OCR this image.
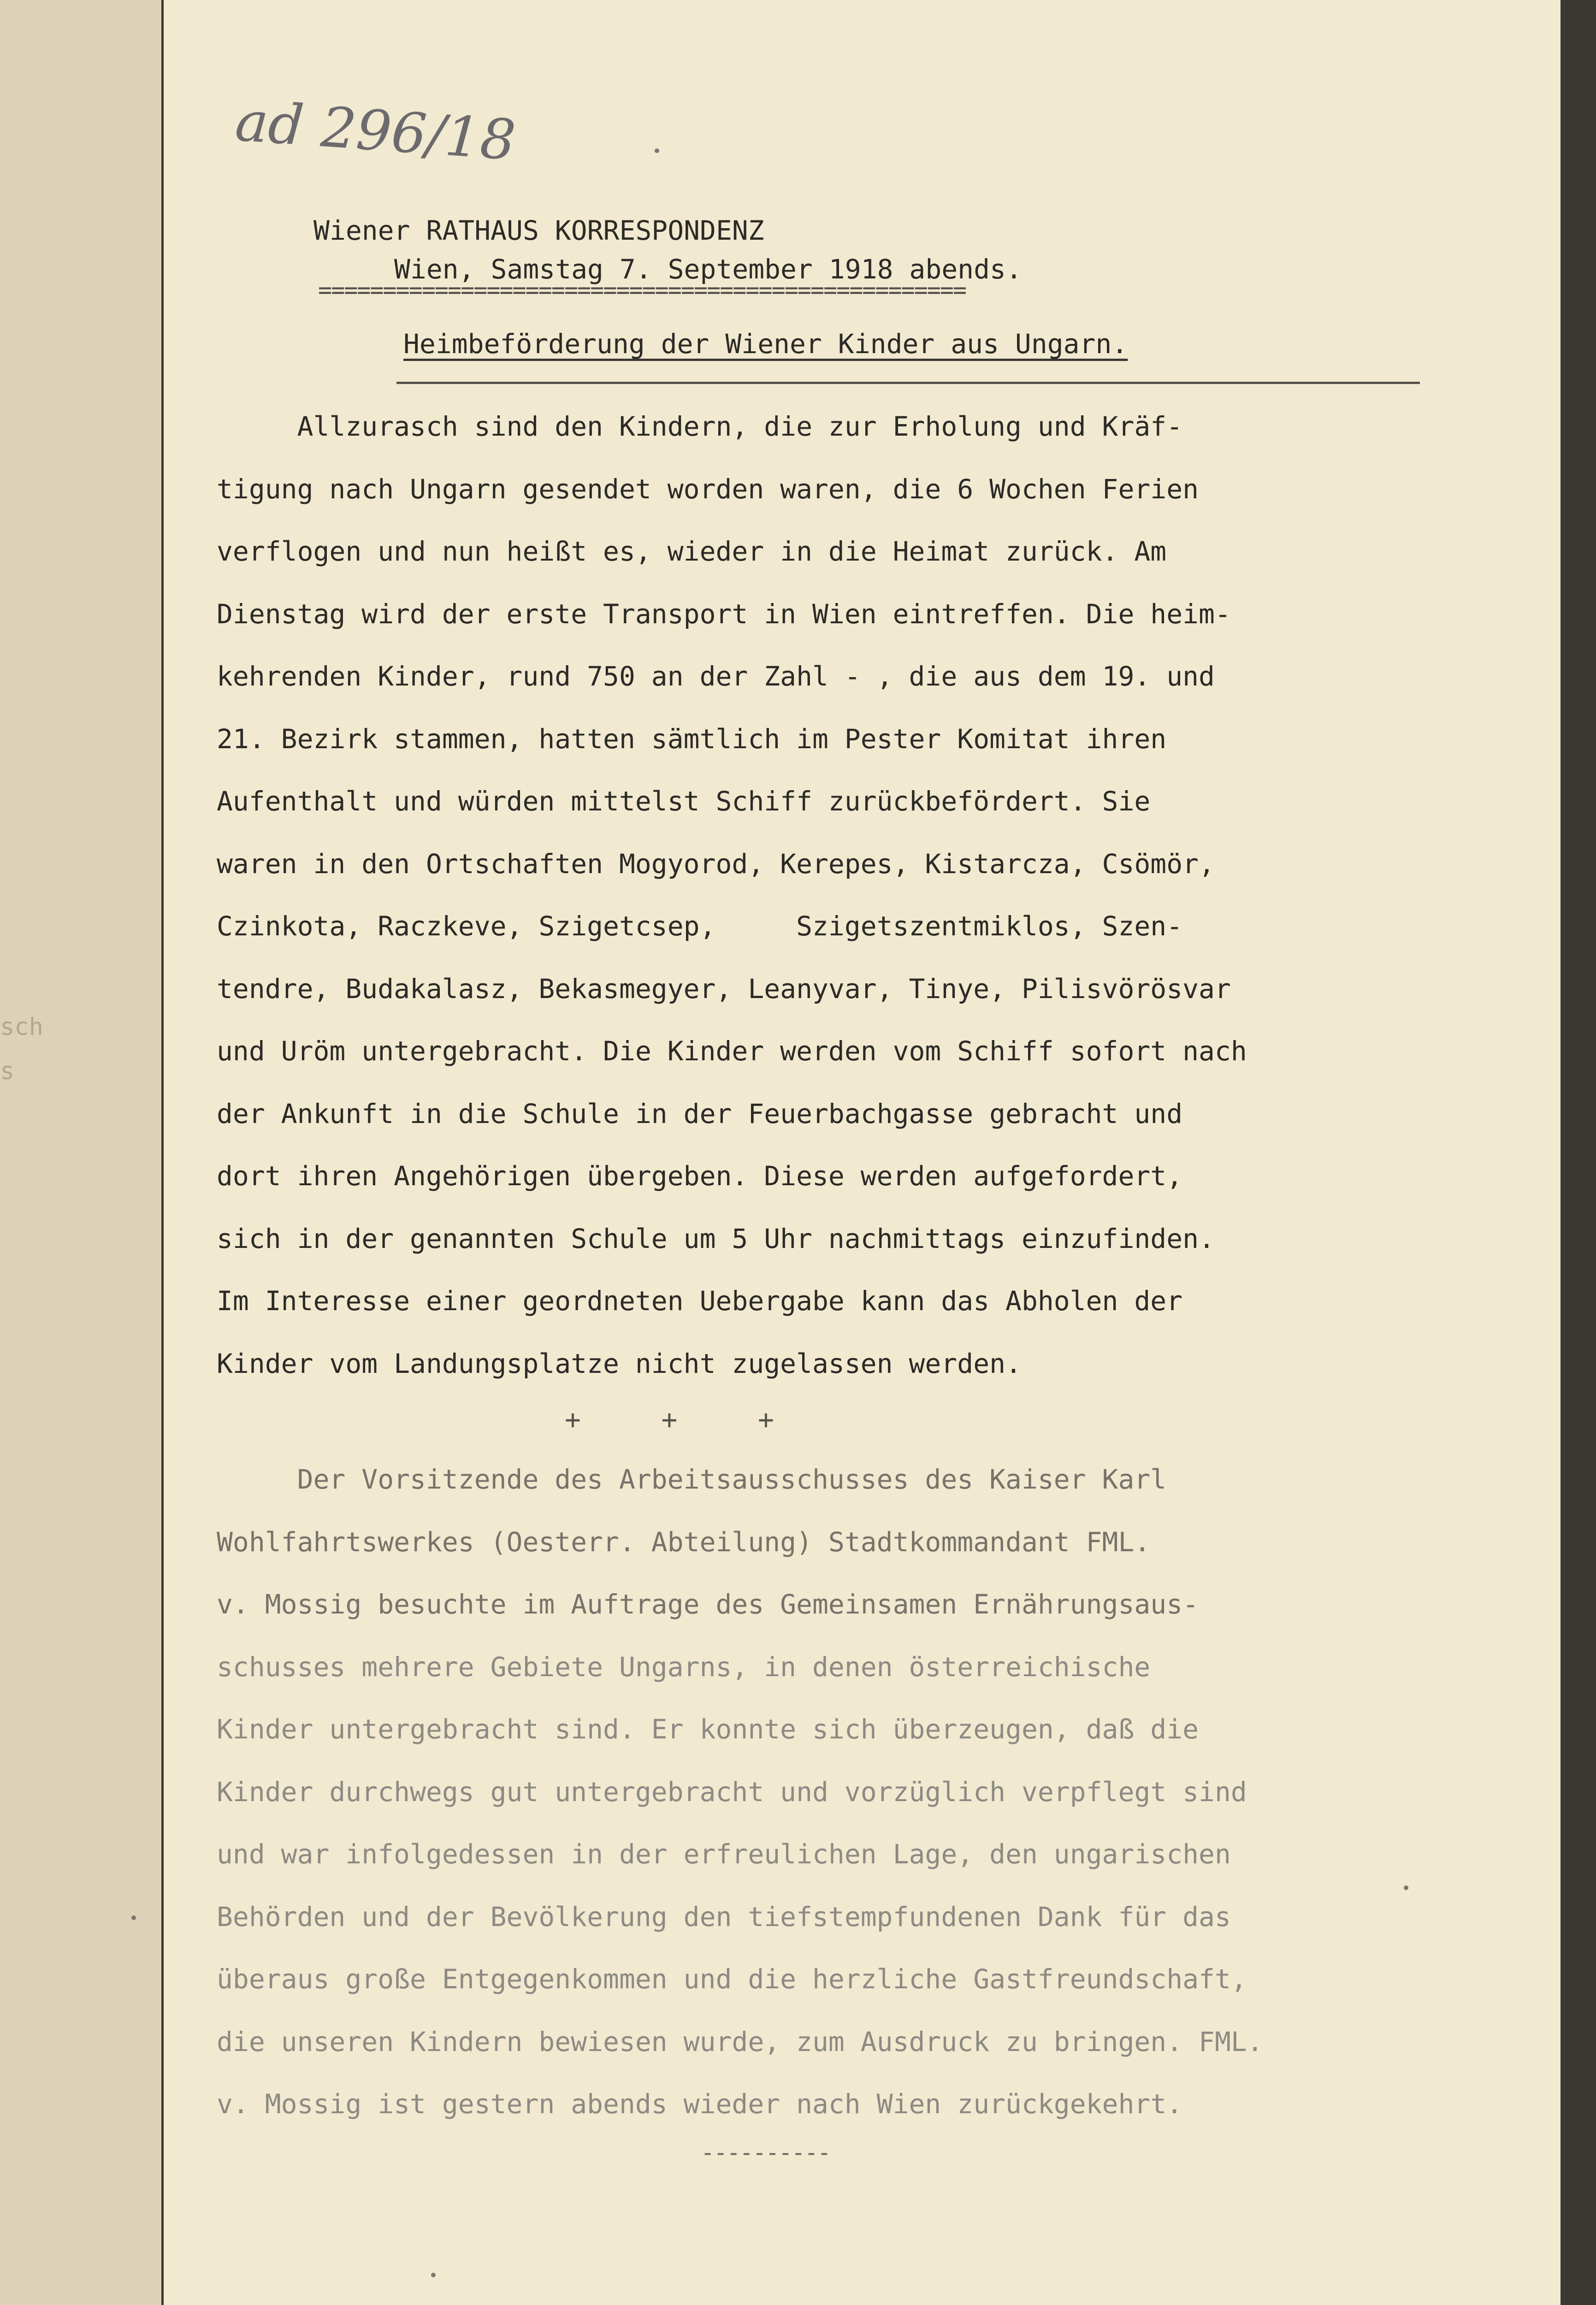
sch
s
ad 296/18
Wiener RATHAUS KORRESPONDENZ
Wien, Samstag 7. September 1918 abends.
==================================================
Heimbeförderung der Wiener Kinder aus Ungarn.
Allzurasch sind den Kindern, die zur Erholung und Kräf-
tigung nach Ungarn gesendet worden waren, die 6 Wochen Ferien
verflogen und nun heißt es, wieder in die Heimat zurück. Am
Dienstag wird der erste Transport in Wien eintreffen. Die heim-
kehrenden Kinder, rund 750 an der Zahl - , die aus dem 19. und
21. Bezirk stammen, hatten sämtlich im Pester Komitat ihren
Aufenthalt und würden mittelst Schiff zurückbefördert. Sie
waren in den Ortschaften Mogyorod, Kerepes, Kistarcza, Csömör,
Czinkota, Raczkeve, Szigetcsep,     Szigetszentmiklos, Szen-
tendre, Budakalasz, Bekasmegyer, Leanyvar, Tinye, Pilisvörösvar
und Uröm untergebracht. Die Kinder werden vom Schiff sofort nach
der Ankunft in die Schule in der Feuerbachgasse gebracht und
dort ihren Angehörigen übergeben. Diese werden aufgefordert,
sich in der genannten Schule um 5 Uhr nachmittags einzufinden.
Im Interesse einer geordneten Uebergabe kann das Abholen der
Kinder vom Landungsplatze nicht zugelassen werden.
+     +     +
Der Vorsitzende des Arbeitsausschusses des Kaiser Karl
Wohlfahrtswerkes (Oesterr. Abteilung) Stadtkommandant FML.
v. Mossig besuchte im Auftrage des Gemeinsamen Ernährungsaus-
schusses mehrere Gebiete Ungarns, in denen österreichische
Kinder untergebracht sind. Er konnte sich überzeugen, daß die
Kinder durchwegs gut untergebracht und vorzüglich verpflegt sind
und war infolgedessen in der erfreulichen Lage, den ungarischen
Behörden und der Bevölkerung den tiefstempfundenen Dank für das
überaus große Entgegenkommen und die herzliche Gastfreundschaft,
die unseren Kindern bewiesen wurde, zum Ausdruck zu bringen. FML.
v. Mossig ist gestern abends wieder nach Wien zurückgekehrt.
----------
